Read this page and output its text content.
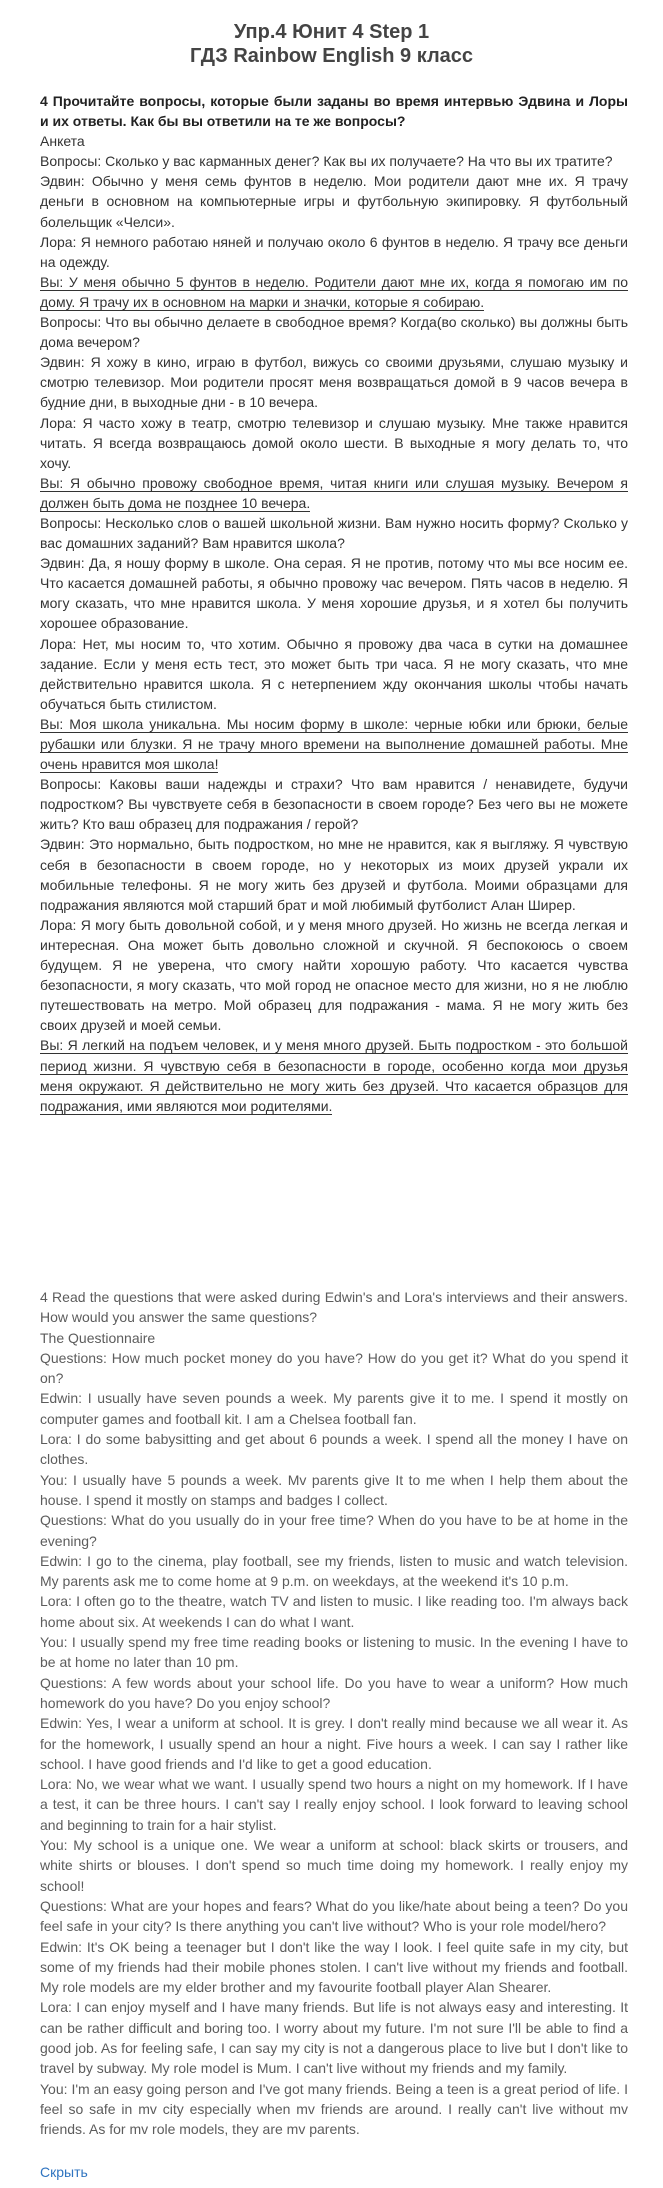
Упр.4 Юнит 4 Step 1
ГДЗ Rainbow English 9 класс

4 Прочитайте вопросы, которые были заданы во время интервью Эдвина и Лоры и их ответы. Как бы вы ответили на те же вопросы?

Анкета

Вопросы: Сколько у вас карманных денег? Как вы их получаете? На что вы их тратите?

Эдвин: Обычно у меня семь фунтов в неделю. Мои родители дают мне их. Я трачу деньги в основном на компьютерные игры и футбольную экипировку. Я футбольный болельщик «Челси».

Лора: Я немного работаю няней и получаю около 6 фунтов в неделю. Я трачу все деньги на одежду.

Вы: У меня обычно 5 фунтов в неделю. Родители дают мне их, когда я помогаю им по дому. Я трачу их в основном на марки и значки, которые я собираю.

Вопросы: Что вы обычно делаете в свободное время? Когда(во сколько) вы должны быть дома вечером?

Эдвин: Я хожу в кино, играю в футбол, вижусь со своими друзьями, слушаю музыку и смотрю телевизор. Мои родители просят меня возвращаться домой в 9 часов вечера в будние дни, в выходные дни - в 10 вечера.

Лора: Я часто хожу в театр, смотрю телевизор и слушаю музыку. Мне также нравится читать. Я всегда возвращаюсь домой около шести. В выходные я могу делать то, что хочу.

Вы: Я обычно провожу свободное время, читая книги или слушая музыку. Вечером я должен быть дома не позднее 10 вечера.

Вопросы: Несколько слов о вашей школьной жизни. Вам нужно носить форму? Сколько у вас домашних заданий? Вам нравится школа?

Эдвин: Да, я ношу форму в школе. Она серая. Я не против, потому что мы все носим ее. Что касается домашней работы, я обычно провожу час вечером. Пять часов в неделю. Я могу сказать, что мне нравится школа. У меня хорошие друзья, и я хотел бы получить хорошее образование.

Лора: Нет, мы носим то, что хотим. Обычно я провожу два часа в сутки на домашнее задание. Если у меня есть тест, это может быть три часа. Я не могу сказать, что мне действительно нравится школа. Я с нетерпением жду окончания школы чтобы начать обучаться быть стилистом.

Вы: Моя школа уникальна. Мы носим форму в школе: черные юбки или брюки, белые рубашки или блузки. Я не трачу много времени на выполнение домашней работы. Мне очень нравится моя школа!

Вопросы: Каковы ваши надежды и страхи? Что вам нравится / ненавидете, будучи подростком? Вы чувствуете себя в безопасности в своем городе? Без чего вы не можете жить? Кто ваш образец для подражания / герой?

Эдвин: Это нормально, быть подростком, но мне не нравится, как я выгляжу. Я чувствую себя в безопасности в своем городе, но у некоторых из моих друзей украли их мобильные телефоны. Я не могу жить без друзей и футбола. Моими образцами для подражания являются мой старший брат и мой любимый футболист Алан Ширер.

Лора: Я могу быть довольной собой, и у меня много друзей. Но жизнь не всегда легкая и интересная. Она может быть довольно сложной и скучной. Я беспокоюсь о своем будущем. Я не уверена, что смогу найти хорошую работу. Что касается чувства безопасности, я могу сказать, что мой город не опасное место для жизни, но я не люблю путешествовать на метро. Мой образец для подражания - мама. Я не могу жить без своих друзей и моей семьи.

Вы: Я легкий на подъем человек, и у меня много друзей. Быть подростком - это большой период жизни. Я чувствую себя в безопасности в городе, особенно когда мои друзья меня окружают. Я действительно не могу жить без друзей. Что касается образцов для подражания, ими являются мои родителями.

4 Read the questions that were asked during Edwin's and Lora's interviews and their answers. How would you answer the same questions?

The Questionnaire

Questions: How much pocket money do you have? How do you get it? What do you spend it on?

Edwin: I usually have seven pounds a week. My parents give it to me. I spend it mostly on computer games and football kit. I am a Chelsea football fan.

Lora: I do some babysitting and get about 6 pounds a week. I spend all the money I have on clothes.

You: I usually have 5 pounds a week. Mv parents give It to me when I help them about the house. I spend it mostly on stamps and badges I collect.

Questions: What do you usually do in your free time? When do you have to be at home in the evening?

Edwin: I go to the cinema, play football, see my friends, listen to music and watch television. My parents ask me to come home at 9 p.m. on weekdays, at the weekend it's 10 p.m.

Lora: I often go to the theatre, watch TV and listen to music. I like reading too. I'm always back home about six. At weekends I can do what I want.

You: I usually spend my free time reading books or listening to music. In the evening I have to be at home no later than 10 pm.

Questions: A few words about your school life. Do you have to wear a uniform? How much homework do you have? Do you enjoy school?

Edwin: Yes, I wear a uniform at school. It is grey. I don't really mind because we all wear it. As for the homework, I usually spend an hour a night. Five hours a week. I can say I rather like school. I have good friends and I'd like to get a good education.

Lora: No, we wear what we want. I usually spend two hours a night on my homework. If I have a test, it can be three hours. I can't say I really enjoy school. I look forward to leaving school and beginning to train for a hair stylist.

You: My school is a unique one. We wear a uniform at school: black skirts or trousers, and white shirts or blouses. I don't spend so much time doing my homework. I really enjoy my school!

Questions: What are your hopes and fears? What do you like/hate about being a teen? Do you feel safe in your city? Is there anything you can't live without? Who is your role model/hero?

Edwin: It's OK being a teenager but I don't like the way I look. I feel quite safe in my city, but some of my friends had their mobile phones stolen. I can't live without my friends and football. My role models are my elder brother and my favourite football player Alan Shearer.

Lora: I can enjoy myself and I have many friends. But life is not always easy and interesting. It can be rather difficult and boring too. I worry about my future. I'm not sure I'll be able to find a good job. As for feeling safe, I can say my city is not a dangerous place to live but I don't like to travel by subway. My role model is Mum. I can't live without my friends and my family.

You: I'm an easy going person and I've got many friends. Being a teen is a great period of life. I feel so safe in mv city especially when mv friends are around. I really can't live without mv friends. As for mv role models, they are mv parents.

Скрыть
